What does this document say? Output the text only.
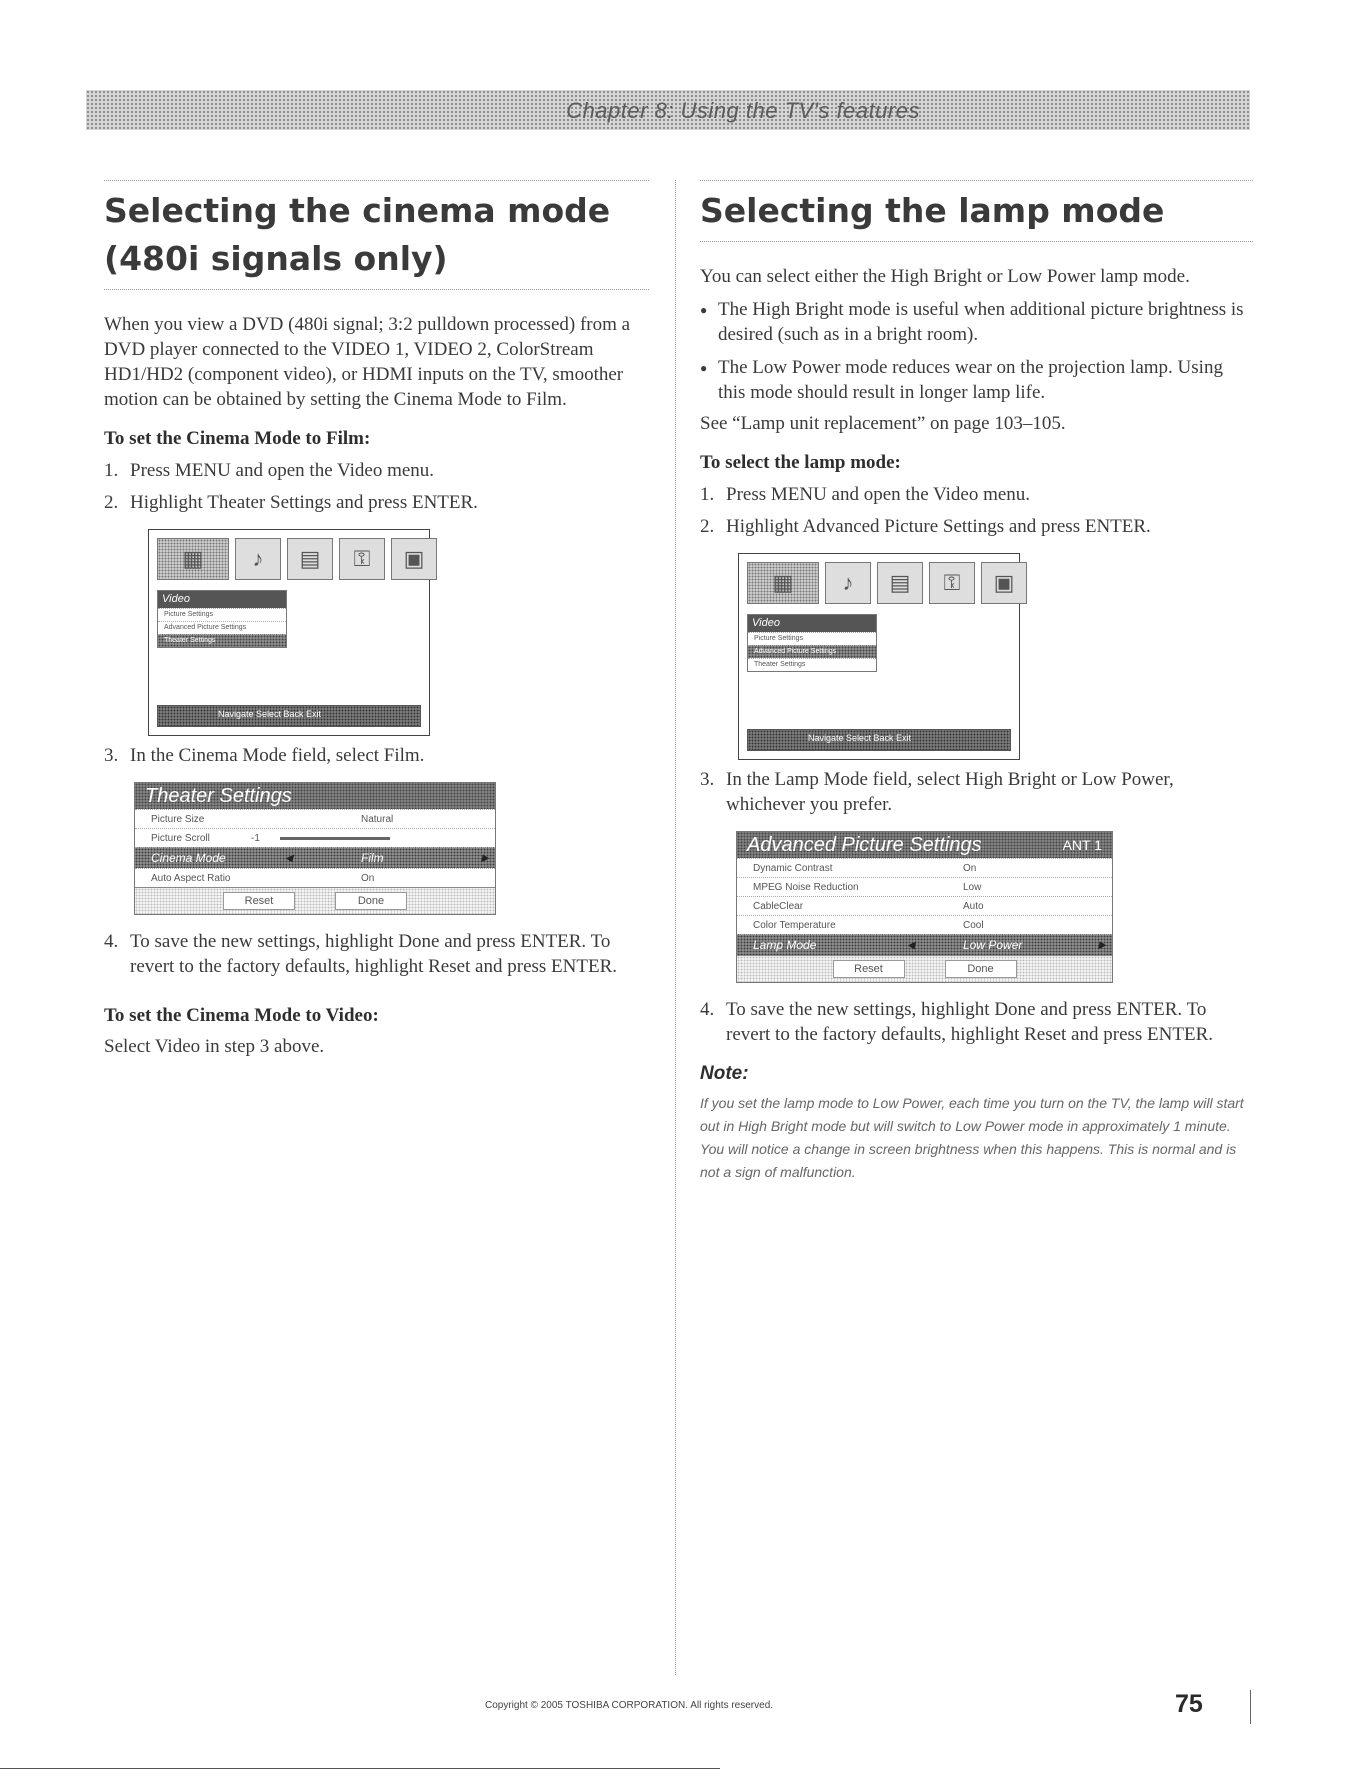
Chapter 8: Using the TV's features
Selecting the cinema mode
(480i signals only)

When you view a DVD (480i signal; 3:2 pulldown processed) from a DVD player connected to the VIDEO 1, VIDEO 2, ColorStream HD1/HD2 (component video), or HDMI inputs on the TV, smoother motion can be obtained by setting the Cinema Mode to Film.

To set the Cinema Mode to Film:

1. Press MENU and open the Video menu.
2. Highlight Theater Settings and press ENTER.
▦	♪	▤	⚿	▣
Video
Picture Settings
Advanced Picture Settings
Theater Settings
Navigate Select Back Exit
3. In the Cinema Mode field, select Film.
Theater Settings
Picture Size	Natural
Picture Scroll	-1
Cinema Mode	◀	Film	▶
Auto Aspect Ratio	On
Reset	Done
4. To save the new settings, highlight Done and press ENTER. To revert to the factory defaults, highlight Reset and press ENTER.

To set the Cinema Mode to Video:

Select Video in step 3 above.

Selecting the lamp mode

You can select either the High Bright or Low Power lamp mode.

● The High Bright mode is useful when additional picture brightness is desired (such as in a bright room).
● The Low Power mode reduces wear on the projection lamp. Using this mode should result in longer lamp life.

See “Lamp unit replacement” on page 103–105.

To select the lamp mode:

1. Press MENU and open the Video menu.
2. Highlight Advanced Picture Settings and press ENTER.
▦	♪	▤	⚿	▣
Video
Picture Settings
Advanced Picture Settings
Theater Settings
Navigate Select Back Exit
3. In the Lamp Mode field, select High Bright or Low Power, whichever you prefer.
Advanced Picture Settings	ANT 1
Dynamic Contrast	On
MPEG Noise Reduction	Low
CableClear	Auto
Color Temperature	Cool
Lamp Mode	◀	Low Power	▶
Reset	Done
4. To save the new settings, highlight Done and press ENTER. To revert to the factory defaults, highlight Reset and press ENTER.

Note:

If you set the lamp mode to Low Power, each time you turn on the TV, the lamp will start out in High Bright mode but will switch to Low Power mode in approximately 1 minute. You will notice a change in screen brightness when this happens. This is normal and is not a sign of malfunction.

Copyright © 2005 TOSHIBA CORPORATION. All rights reserved.	75
